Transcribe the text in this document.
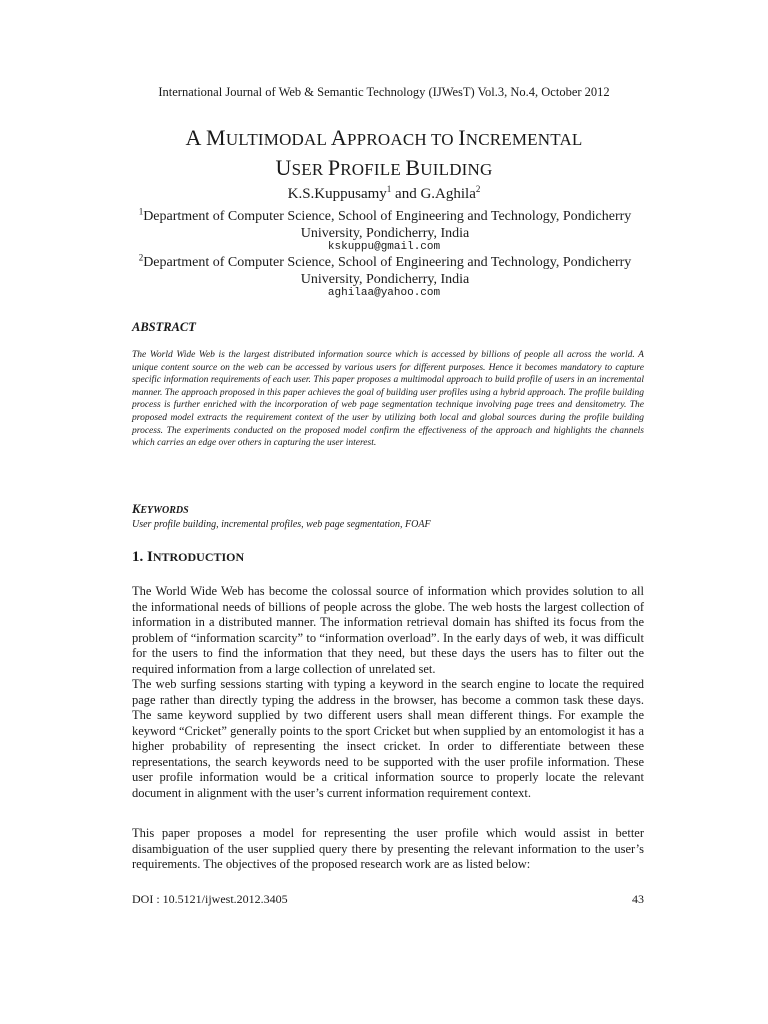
International Journal of Web & Semantic Technology (IJWesT) Vol.3, No.4, October 2012
A MULTIMODAL APPROACH TO INCREMENTAL
USER PROFILE BUILDING
K.S.Kuppusamy$^1$ and G.Aghila$^2$
$^1$Department of Computer Science, School of Engineering and Technology, Pondicherry University, Pondicherry, India
kskuppu@gmail.com
$^2$Department of Computer Science, School of Engineering and Technology, Pondicherry University, Pondicherry, India
aghilaa@yahoo.com
ABSTRACT
The World Wide Web is the largest distributed information source which is accessed by billions of people all across the world. A unique content source on the web can be accessed by various users for different purposes. Hence it becomes mandatory to capture specific information requirements of each user. This paper proposes a multimodal approach to build profile of users in an incremental manner. The approach proposed in this paper achieves the goal of building user profiles using a hybrid approach. The profile building process is further enriched with the incorporation of web page segmentation technique involving page trees and densitometry. The proposed model extracts the requirement context of the user by utilizing both local and global sources during the profile building process. The experiments conducted on the proposed model confirm the effectiveness of the approach and highlights the channels which carries an edge over others in capturing the user interest.
KEYWORDS
User profile building, incremental profiles, web page segmentation, FOAF
1. INTRODUCTION
The World Wide Web has become the colossal source of information which provides solution to all the informational needs of billions of people across the globe. The web hosts the largest collection of information in a distributed manner. The information retrieval domain has shifted its focus from the problem of “information scarcity” to “information overload”. In the early days of web, it was difficult for the users to find the information that they need, but these days the users has to filter out the required information from a large collection of unrelated set.
The web surfing sessions starting with typing a keyword in the search engine to locate the required page rather than directly typing the address in the browser, has become a common task these days. The same keyword supplied by two different users shall mean different things. For example the keyword “Cricket” generally points to the sport Cricket but when supplied by an entomologist it has a higher probability of representing the insect cricket. In order to differentiate between these representations, the search keywords need to be supported with the user profile information. These user profile information would be a critical information source to properly locate the relevant document in alignment with the user’s current information requirement context.
This paper proposes a model for representing the user profile which would assist in better disambiguation of the user supplied query there by presenting the relevant information to the user’s requirements. The objectives of the proposed research work are as listed below:
DOI : 10.5121/ijwest.2012.3405	43
